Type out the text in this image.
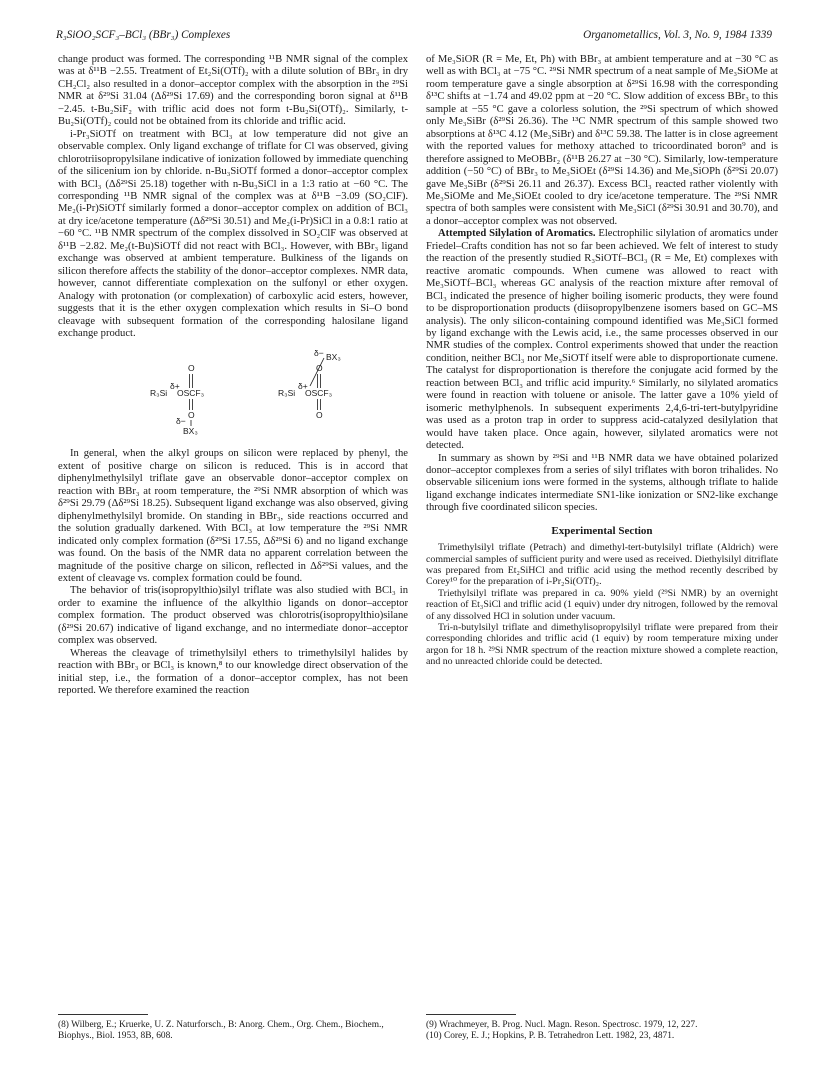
R₃SiOO₂SCF₃–BCl₃ (BBr₃) Complexes	Organometallics, Vol. 3, No. 9, 1984 1339

change product was formed. The corresponding ¹¹B NMR signal of the complex was at δ¹¹B −2.55. Treatment of Et₂Si(OTf)₂ with a dilute solution of BBr₃ in dry CH₂Cl₂ also resulted in a donor–acceptor complex with the absorption in the ²⁹Si NMR at δ²⁹Si 31.04 (Δδ²⁹Si 17.69) and the corresponding boron signal at δ¹¹B −2.45. t-Bu₂SiF₂ with triflic acid does not form t-Bu₂Si(OTf)₂. Similarly, t-Bu₂Si(OTf)₂ could not be obtained from its chloride and triflic acid.

i-Pr₃SiOTf on treatment with BCl₃ at low temperature did not give an observable complex. Only ligand exchange of triflate for Cl was observed, giving chlorotriisopropylsilane indicative of ionization followed by immediate quenching of the silicenium ion by chloride. n-Bu₃SiOTf formed a donor–acceptor complex with BCl₃ (Δδ²⁹Si 25.18) together with n-Bu₃SiCl in a 1:3 ratio at −60 °C. The corresponding ¹¹B NMR signal of the complex was at δ¹¹B −3.09 (SO₂ClF). Me₂(i-Pr)SiOTf similarly formed a donor–acceptor complex on addition of BCl₃ at dry ice/acetone temperature (Δδ²⁹Si 30.51) and Me₂(i-Pr)SiCl in a 0.8:1 ratio at −60 °C. ¹¹B NMR spectrum of the complex dissolved in SO₂ClF was observed at δ¹¹B −2.82. Me₂(t-Bu)SiOTf did not react with BCl₃. However, with BBr₃ ligand exchange was observed at ambient temperature. Bulkiness of the ligands on silicon therefore affects the stability of the donor–acceptor complexes. NMR data, however, cannot differentiate complexation on the sulfonyl or ether oxygen. Analogy with protonation (or complexation) of carboxylic acid esters, however, suggests that it is the ether oxygen complexation which results in Si–O bond cleavage with subsequent formation of the corresponding halosilane ligand exchange product.

R₃Si
δ+
OSCF₃
O
O
δ−
BX₃
R₃Si
δ+
OSCF₃
δ− BX₃
O
O

In general, when the alkyl groups on silicon were replaced by phenyl, the extent of positive charge on silicon is reduced. This is in accord that diphenylmethylsilyl triflate gave an observable donor–acceptor complex on reaction with BBr₃ at room temperature, the ²⁹Si NMR absorption of which was δ²⁹Si 29.79 (Δδ²⁹Si 18.25). Subsequent ligand exchange was also observed, giving diphenylmethylsilyl bromide. On standing in BBr₃, side reactions occurred and the solution gradually darkened. With BCl₃ at low temperature the ²⁹Si NMR indicated only complex formation (δ²⁹Si 17.55, Δδ²⁹Si 6) and no ligand exchange was found. On the basis of the NMR data no apparent correlation between the magnitude of the positive charge on silicon, reflected in Δδ²⁹Si values, and the extent of cleavage vs. complex formation could be found.

The behavior of tris(isopropylthio)silyl triflate was also studied with BCl₃ in order to examine the influence of the alkylthio ligands on donor–acceptor complex formation. The product observed was chlorotris(isopropylthio)silane (δ²⁹Si 20.67) indicative of ligand exchange, and no intermediate donor–acceptor complex was observed.

Whereas the cleavage of trimethylsilyl ethers to trimethylsilyl halides by reaction with BBr₃ or BCl₃ is known,⁸ to our knowledge direct observation of the initial step, i.e., the formation of a donor–acceptor complex, has not been reported. We therefore examined the reaction

of Me₃SiOR (R = Me, Et, Ph) with BBr₃ at ambient temperature and at −30 °C as well as with BCl₃ at −75 °C. ²⁹Si NMR spectrum of a neat sample of Me₃SiOMe at room temperature gave a single absorption at δ²⁹Si 16.98 with the corresponding δ¹³C shifts at −1.74 and 49.02 ppm at −20 °C. Slow addition of excess BBr₃ to this sample at −55 °C gave a colorless solution, the ²⁹Si spectrum of which showed only Me₃SiBr (δ²⁹Si 26.36). The ¹³C NMR spectrum of this sample showed two absorptions at δ¹³C 4.12 (Me₃SiBr) and δ¹³C 59.38. The latter is in close agreement with the reported values for methoxy attached to tricoordinated boron⁹ and is therefore assigned to MeOBBr₂ (δ¹¹B 26.27 at −30 °C). Similarly, low-temperature addition (−50 °C) of BBr₃ to Me₃SiOEt (δ²⁹Si 14.36) and Me₃SiOPh (δ²⁹Si 20.07) gave Me₃SiBr (δ²⁹Si 26.11 and 26.37). Excess BCl₃ reacted rather violently with Me₃SiOMe and Me₃SiOEt cooled to dry ice/acetone temperature. The ²⁹Si NMR spectra of both samples were consistent with Me₃SiCl (δ²⁹Si 30.91 and 30.70), and a donor–acceptor complex was not observed.

Attempted Silylation of Aromatics. Electrophilic silylation of aromatics under Friedel–Crafts condition has not so far been achieved. We felt of interest to study the reaction of the presently studied R₃SiOTf–BCl₃ (R = Me, Et) complexes with reactive aromatic compounds. When cumene was allowed to react with Me₃SiOTf–BCl₃ whereas GC analysis of the reaction mixture after removal of BCl₃ indicated the presence of higher boiling isomeric products, they were found to be disproportionation products (diisopropylbenzene isomers based on GC–MS analysis). The only silicon-containing compound identified was Me₃SiCl formed by ligand exchange with the Lewis acid, i.e., the same processes observed in our NMR studies of the complex. Control experiments showed that under the reaction condition, neither BCl₃ nor Me₃SiOTf itself were able to disproportionate cumene. The catalyst for disproportionation is therefore the conjugate acid formed by the reaction between BCl₃ and triflic acid impurity.⁶ Similarly, no silylated aromatics were found in reaction with toluene or anisole. The latter gave a 10% yield of isomeric methylphenols. In subsequent experiments 2,4,6-tri-tert-butylpyridine was used as a proton trap in order to suppress acid-catalyzed desilylation that would have taken place. Once again, however, silylated aromatics were not detected.

In summary as shown by ²⁹Si and ¹¹B NMR data we have obtained polarized donor–acceptor complexes from a series of silyl triflates with boron trihalides. No observable silicenium ions were formed in the systems, although triflate to halide ligand exchange indicates intermediate SN1-like ionization or SN2-like exchange through five coordinated silicon species.

Experimental Section

Trimethylsilyl triflate (Petrach) and dimethyl-tert-butylsilyl triflate (Aldrich) were commercial samples of sufficient purity and were used as received. Diethylsilyl ditriflate was prepared from Et₂SiHCl and triflic acid using the method recently described by Corey¹⁰ for the preparation of i-Pr₂Si(OTf)₂.

Triethylsilyl triflate was prepared in ca. 90% yield (²⁹Si NMR) by an overnight reaction of Et₃SiCl and triflic acid (1 equiv) under dry nitrogen, followed by the removal of any dissolved HCl in solution under vacuum.

Tri-n-butylsilyl triflate and dimethylisopropylsilyl triflate were prepared from their corresponding chlorides and triflic acid (1 equiv) by room temperature mixing under argon for 18 h. ²⁹Si NMR spectrum of the reaction mixture showed a complete reaction, and no unreacted chloride could be detected.

(8) Wilberg, E.; Kruerke, U. Z. Naturforsch., B: Anorg. Chem., Org. Chem., Biochem., Biophys., Biol. 1953, 8B, 608.
(9) Wrachmeyer, B. Prog. Nucl. Magn. Reson. Spectrosc. 1979, 12, 227.
(10) Corey, E. J.; Hopkins, P. B. Tetrahedron Lett. 1982, 23, 4871.
